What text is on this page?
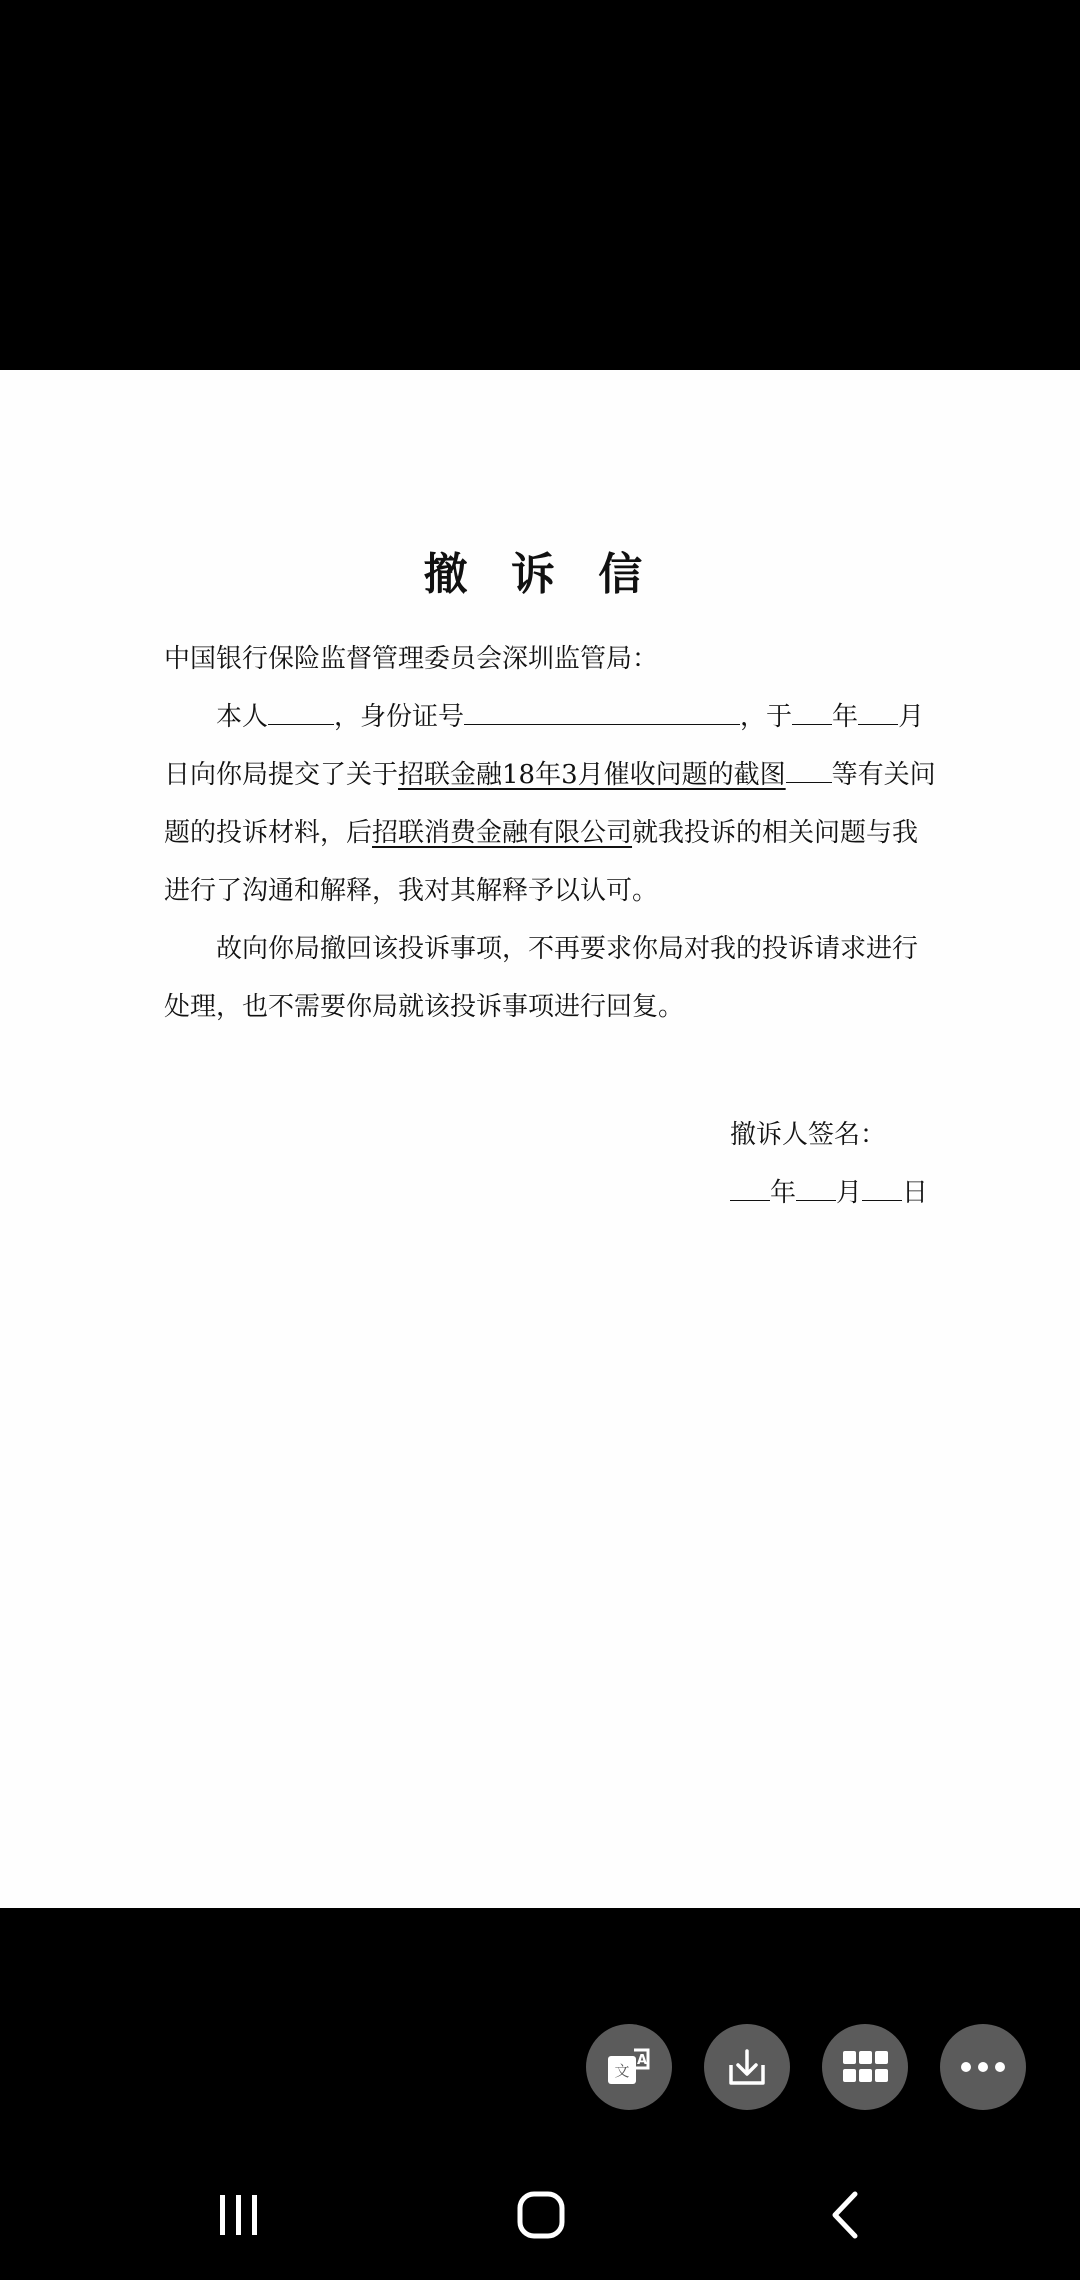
撤 诉 信

中国银行保险监督管理委员会深圳监管局：

本人	，身份证号	，于 年 月日向你局提交了关于招联金融18年3月催收问题的截图 等有关问题的投诉材料，后招联消费金融有限公司就我投诉的相关问题与我进行了沟通和解释，我对其解释予以认可。

故向你局撤回该投诉事项，不再要求你局对我的投诉请求进行处理，也不需要你局就该投诉事项进行回复。

撤诉人签名：
年 月 日
文
A
